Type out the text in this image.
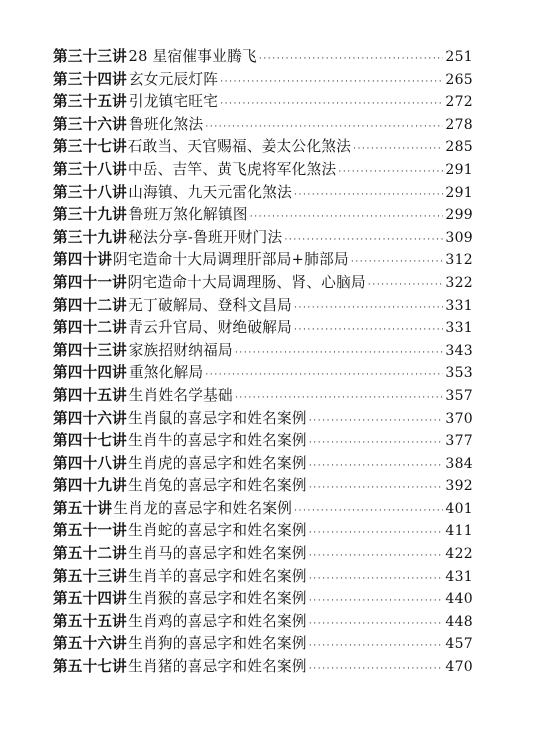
第三十三讲 28 星宿催事业腾飞 ·····	251
第三十四讲 玄女元辰灯阵 ·····	265
第三十五讲 引龙镇宅旺宅 ·····	272
第三十六讲 鲁班化煞法 ·····	278
第三十七讲 石敢当、天官赐福、姜太公化煞法 ·····	285
第三十八讲 中岳、吉竿、黄飞虎将军化煞法 ·····	291
第三十八讲 山海镇、九天元雷化煞法 ·····	291
第三十九讲 鲁班万煞化解镇图 ·····	299
第三十九讲 秘法分享-鲁班开财门法 ·····	309
第四十讲 阴宅造命十大局调理肝部局+肺部局 ·····	312
第四十一讲 阴宅造命十大局调理肠、肾、心脑局 ·····	322
第四十二讲 无丁破解局、登科文昌局 ·····	331
第四十二讲 青云升官局、财绝破解局 ·····	331
第四十三讲 家族招财纳福局 ·····	343
第四十四讲 重煞化解局 ·····	353
第四十五讲 生肖姓名学基础 ·····	357
第四十六讲 生肖鼠的喜忌字和姓名案例 ·····	370
第四十七讲 生肖牛的喜忌字和姓名案例 ·····	377
第四十八讲 生肖虎的喜忌字和姓名案例 ·····	384
第四十九讲 生肖兔的喜忌字和姓名案例 ·····	392
第五十讲 生肖龙的喜忌字和姓名案例 ·····	401
第五十一讲 生肖蛇的喜忌字和姓名案例 ·····	411
第五十二讲 生肖马的喜忌字和姓名案例 ·····	422
第五十三讲 生肖羊的喜忌字和姓名案例 ·····	431
第五十四讲 生肖猴的喜忌字和姓名案例 ·····	440
第五十五讲 生肖鸡的喜忌字和姓名案例 ·····	448
第五十六讲 生肖狗的喜忌字和姓名案例 ·····	457
第五十七讲 生肖猪的喜忌字和姓名案例 ·····	470
